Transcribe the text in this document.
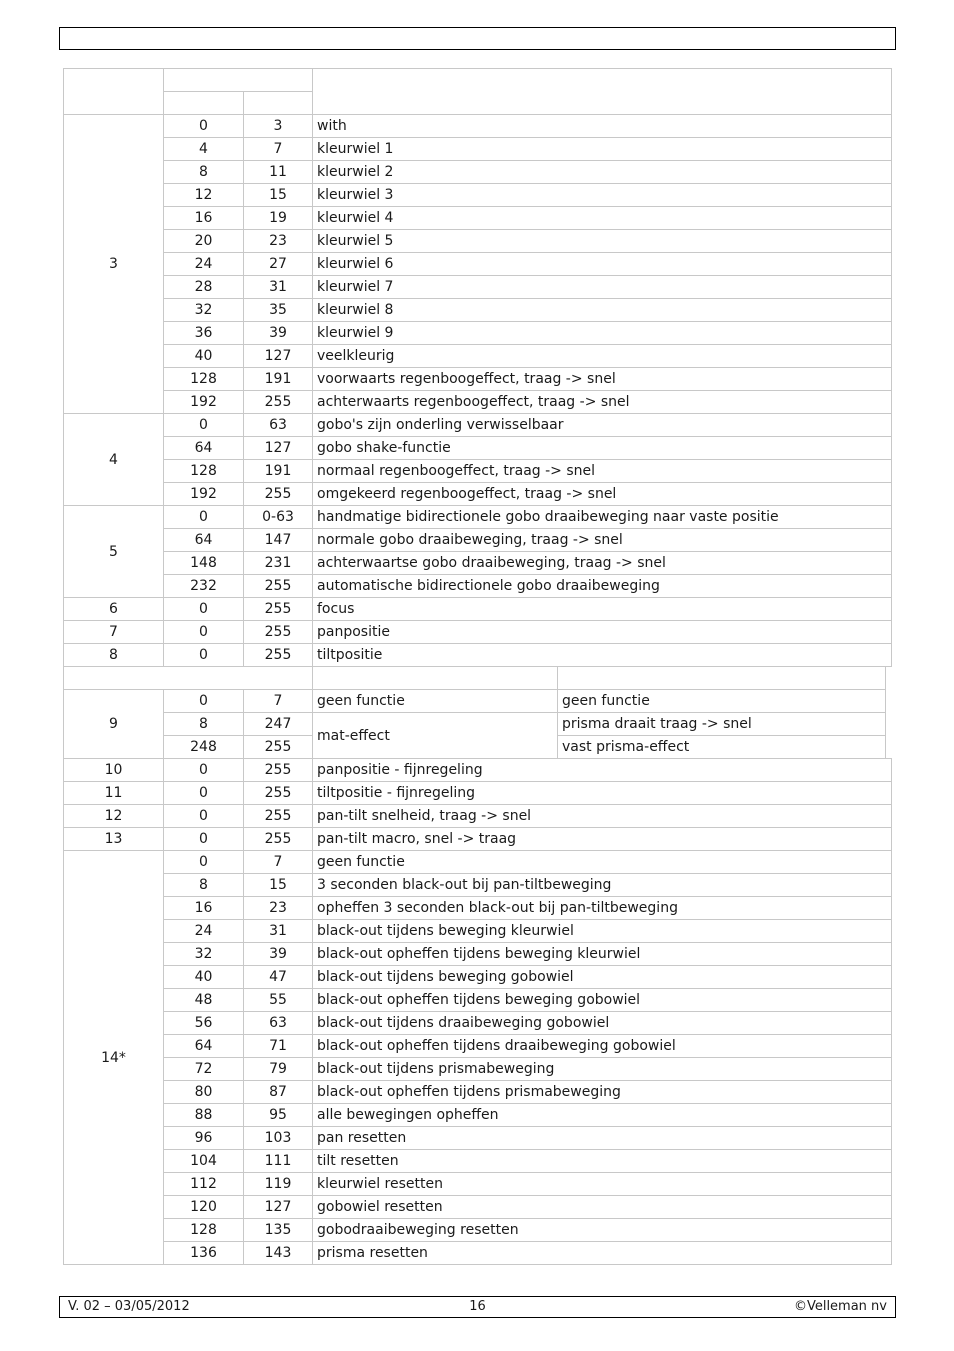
3	0	3	with		
	4	7	kleurwiel 1		
	8	11	kleurwiel 2		
	12	15	kleurwiel 3		
	16	19	kleurwiel 4		
	20	23	kleurwiel 5		
	24	27	kleurwiel 6		
	28	31	kleurwiel 7		
	32	35	kleurwiel 8		
	36	39	kleurwiel 9		
	40	127	veelkleurig		
	128	191	voorwaarts regenboogeffect, traag -> snel		
	192	255	achterwaarts regenboogeffect, traag -> snel		
4	0	63	gobo's zijn onderling verwisselbaar		
	64	127	gobo shake-functie		
	128	191	normaal regenboogeffect, traag -> snel		
	192	255	omgekeerd regenboogeffect, traag -> snel		
5	0	0-63	handmatige bidirectionele gobo draaibeweging naar vaste positie		
	64	147	normale gobo draaibeweging, traag -> snel		
	148	231	achterwaartse gobo draaibeweging, traag -> snel		
	232	255	automatische bidirectionele gobo draaibeweging		
6	0	255	focus		
7	0	255	panpositie		
8	0	255	tiltpositie		

9	0	7	geen functie	geen functie	
	8	247	mat-effect	prisma draait traag -> snel	
	248	255		vast prisma-effect	
10	0	255	panpositie - fijnregeling		
11	0	255	tiltpositie - fijnregeling		
12	0	255	pan-tilt snelheid, traag -> snel		
13	0	255	pan-tilt macro, snel -> traag		
14*	0	7	geen functie		
	8	15	3 seconden black-out bij pan-tiltbeweging		
	16	23	opheffen 3 seconden black-out bij pan-tiltbeweging		
	24	31	black-out tijdens beweging kleurwiel		
	32	39	black-out opheffen tijdens beweging kleurwiel		
	40	47	black-out tijdens beweging gobowiel		
	48	55	black-out opheffen tijdens beweging gobowiel		
	56	63	black-out tijdens draaibeweging gobowiel		
	64	71	black-out opheffen tijdens draaibeweging gobowiel		
	72	79	black-out tijdens prismabeweging		
	80	87	black-out opheffen tijdens prismabeweging		
	88	95	alle bewegingen opheffen		
	96	103	pan resetten		
	104	111	tilt resetten		
	112	119	kleurwiel resetten		
	120	127	gobowiel resetten		
	128	135	gobodraaibeweging resetten		
	136	143	prisma resetten		
V. 02 – 03/05/2012	16	©Velleman nv
